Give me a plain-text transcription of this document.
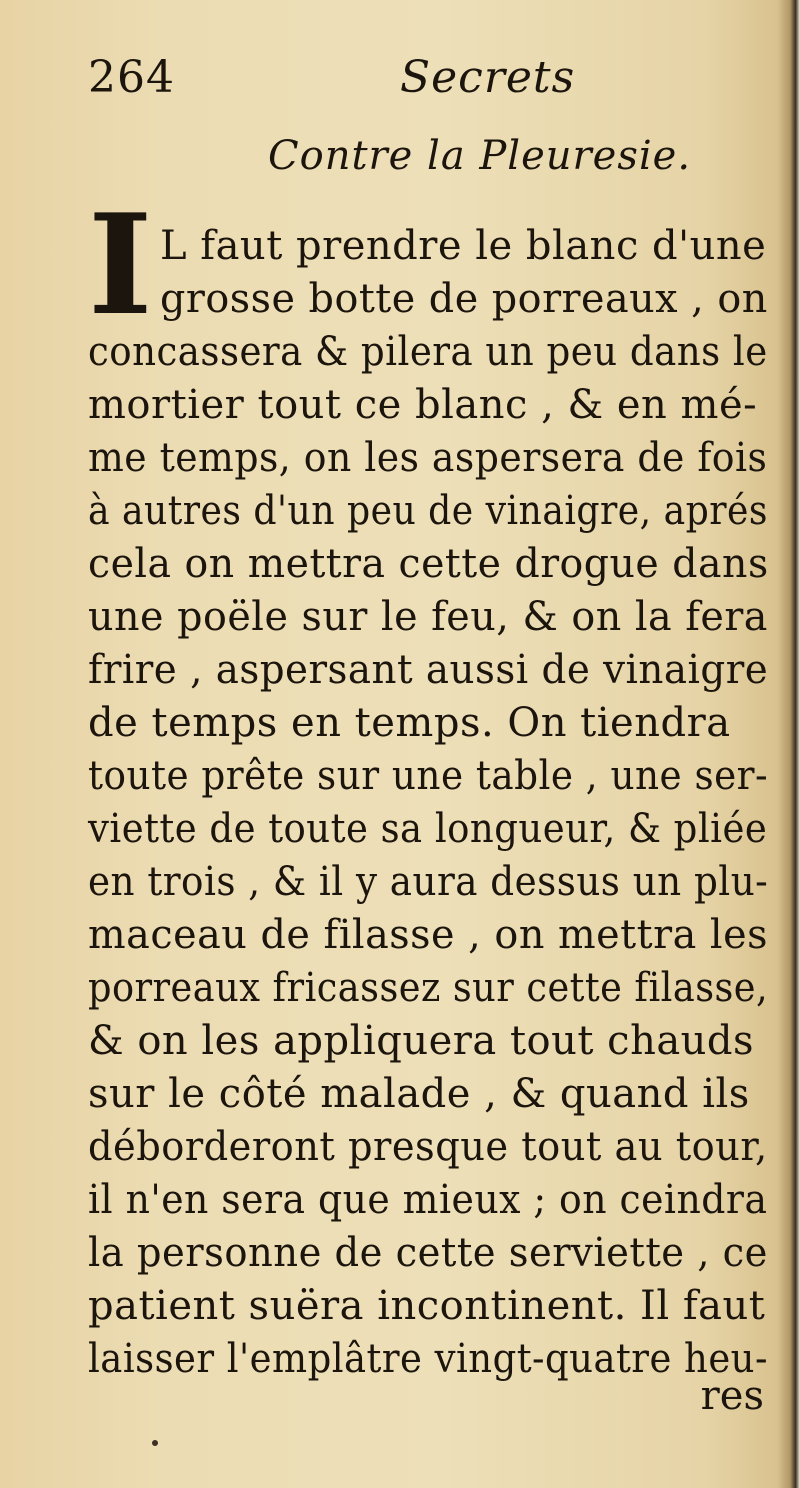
264	Secrets
Contre la Pleuresie.
I L faut prendre le blanc d'une
grosse botte de porreaux , on
concassera & pilera un peu dans le
mortier tout ce blanc , & en mé-
me temps, on les aspersera de fois
à autres d'un peu de vinaigre, aprés
cela on mettra cette drogue dans
une poële sur le feu, & on la fera
frire , aspersant aussi de vinaigre
de temps en temps. On tiendra
toute prête sur une table , une ser-
viette de toute sa longueur, & pliée
en trois , & il y aura dessus un plu-
maceau de filasse , on mettra les
porreaux fricassez sur cette filasse,
& on les appliquera tout chauds
sur le côté malade , & quand ils
déborderont presque tout au tour,
il n'en sera que mieux ; on ceindra
la personne de cette serviette , ce
patient suëra incontinent. Il faut
laisser l'emplâtre vingt-quatre heu-
res
